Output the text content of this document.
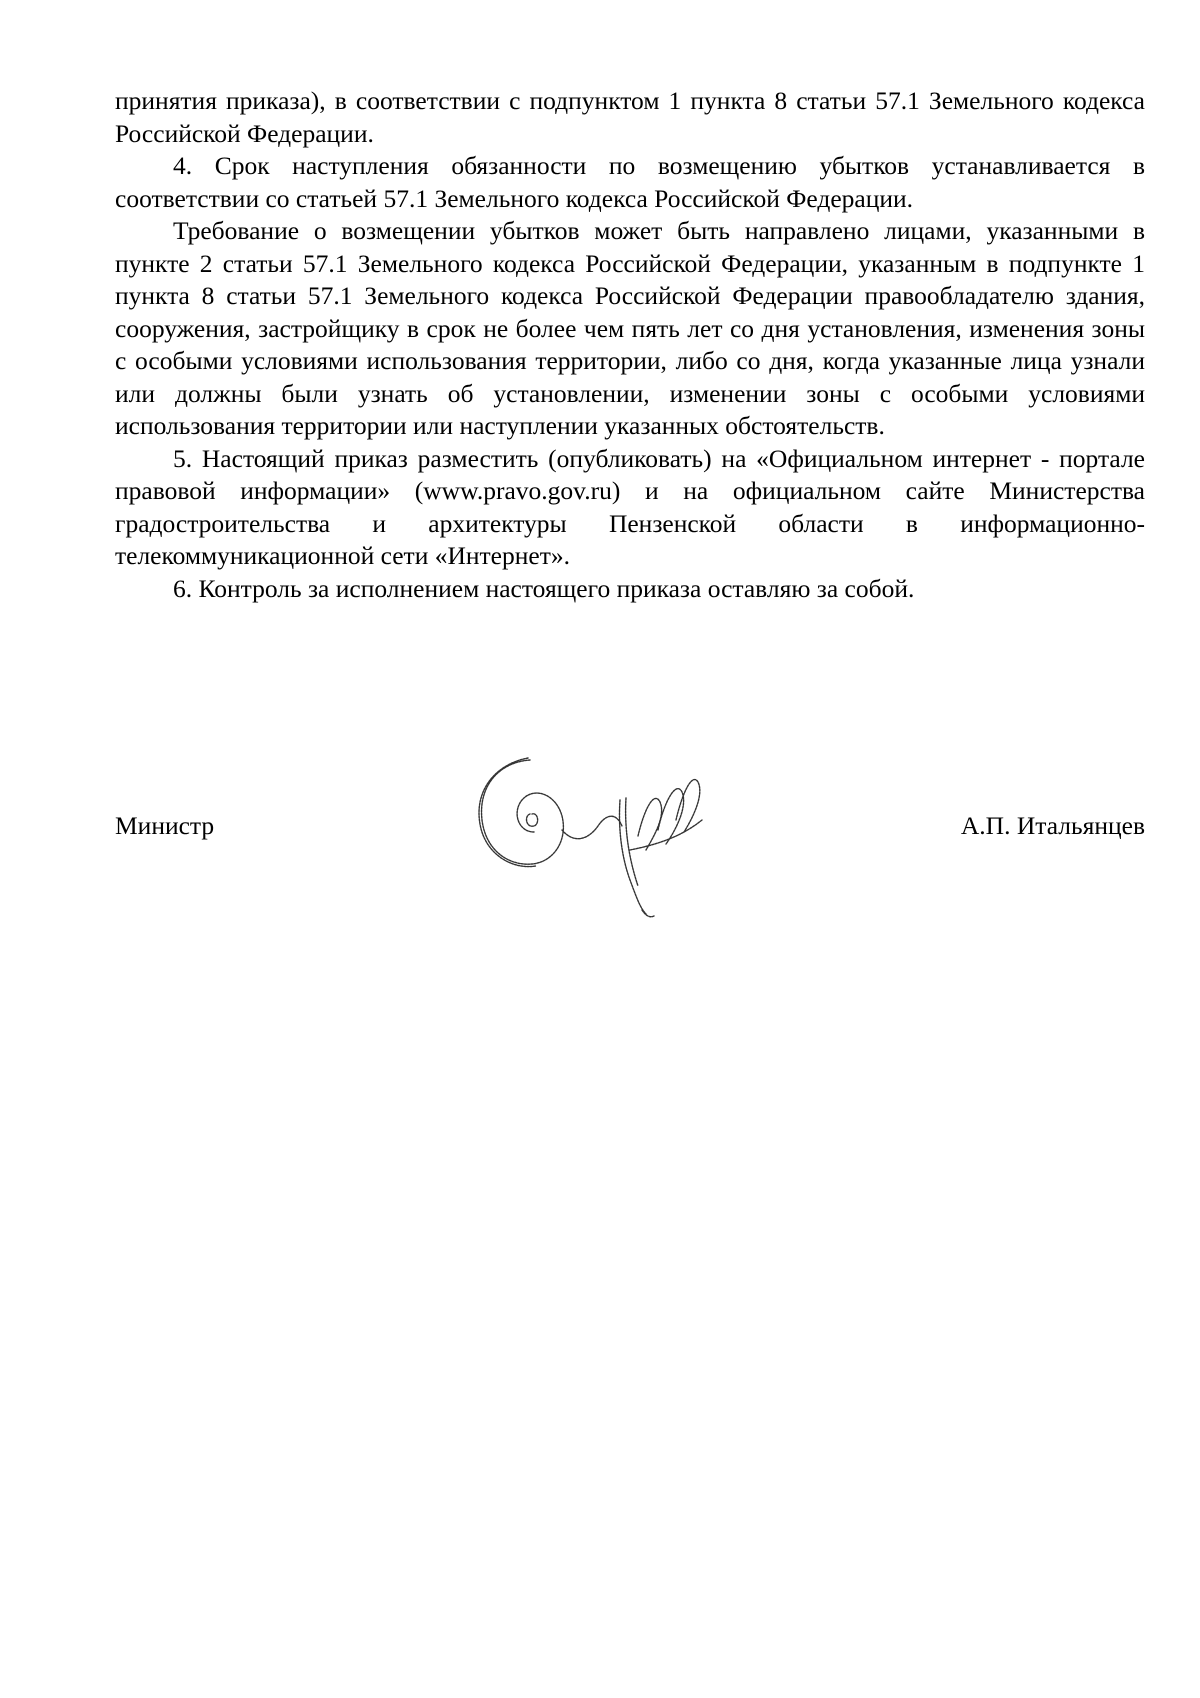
принятия приказа), в соответствии с подпунктом 1 пункта 8 статьи 57.1 Земельного кодекса Российской Федерации.

4. Срок наступления обязанности по возмещению убытков устанавливается в соответствии со статьей 57.1 Земельного кодекса Российской Федерации.

Требование о возмещении убытков может быть направлено лицами, указанными в пункте 2 статьи 57.1 Земельного кодекса Российской Федерации, указанным в подпункте 1 пункта 8 статьи 57.1 Земельного кодекса Российской Федерации правообладателю здания, сооружения, застройщику в срок не более чем пять лет со дня установления, изменения зоны с особыми условиями использования территории, либо со дня, когда указанные лица узнали или должны были узнать об установлении, изменении зоны с особыми условиями использования территории или наступлении указанных обстоятельств.

5. Настоящий приказ разместить (опубликовать) на «Официальном интернет - портале правовой информации» (www.pravo.gov.ru) и на официальном сайте Министерства градостроительства и архитектуры Пензенской области в информационно-телекоммуникационной сети «Интернет».

6. Контроль за исполнением настоящего приказа оставляю за собой.

Министр	А.П. Итальянцев
